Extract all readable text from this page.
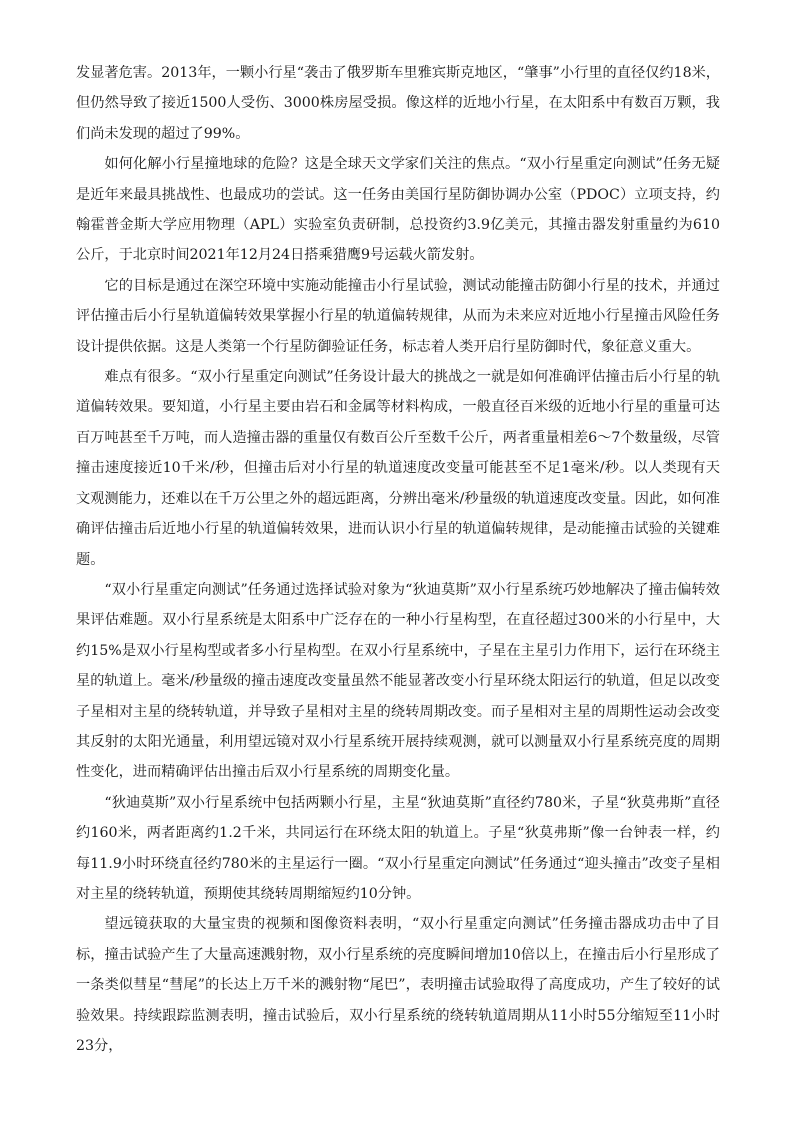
发显著危害。2013年，一颗小行星“袭击了俄罗斯车里雅宾斯克地区，“肇事”小行里的直径仅约18米，但仍然导致了接近1500人受伤、3000株房屋受损。像这样的近地小行星，在太阳系中有数百万颗，我们尚未发现的超过了99%。

如何化解小行星撞地球的危险？这是全球天文学家们关注的焦点。“双小行星重定向测试”任务无疑是近年来最具挑战性、也最成功的尝试。这一任务由美国行星防御协调办公室（PDOC）立项支持，约翰霍普金斯大学应用物理（APL）实验室负责研制，总投资约3.9亿美元，其撞击器发射重量约为610公斤，于北京时间2021年12月24日搭乘猎鹰9号运载火箭发射。

它的目标是通过在深空环境中实施动能撞击小行星试验，测试动能撞击防御小行星的技术，并通过评估撞击后小行星轨道偏转效果掌握小行星的轨道偏转规律，从而为未来应对近地小行星撞击风险任务设计提供依据。这是人类第一个行星防御验证任务，标志着人类开启行星防御时代，象征意义重大。

难点有很多。“双小行星重定向测试”任务设计最大的挑战之一就是如何准确评估撞击后小行星的轨道偏转效果。要知道，小行星主要由岩石和金属等材料构成，一般直径百米级的近地小行星的重量可达百万吨甚至千万吨，而人造撞击器的重量仅有数百公斤至数千公斤，两者重量相差6～7个数量级，尽管撞击速度接近10千米/秒，但撞击后对小行星的轨道速度改变量可能甚至不足1毫米/秒。以人类现有天文观测能力，还难以在千万公里之外的超远距离，分辨出毫米/秒量级的轨道速度改变量。因此，如何准确评估撞击后近地小行星的轨道偏转效果，进而认识小行星的轨道偏转规律，是动能撞击试验的关键难题。

“双小行星重定向测试”任务通过选择试验对象为“狄迪莫斯”双小行星系统巧妙地解决了撞击偏转效果评估难题。双小行星系统是太阳系中广泛存在的一种小行星构型，在直径超过300米的小行星中，大约15%是双小行星构型或者多小行星构型。在双小行星系统中，子星在主星引力作用下，运行在环绕主星的轨道上。毫米/秒量级的撞击速度改变量虽然不能显著改变小行星环绕太阳运行的轨道，但足以改变子星相对主星的绕转轨道，并导致子星相对主星的绕转周期改变。而子星相对主星的周期性运动会改变其反射的太阳光通量，利用望远镜对双小行星系统开展持续观测，就可以测量双小行星系统亮度的周期性变化，进而精确评估出撞击后双小行星系统的周期变化量。

“狄迪莫斯”双小行星系统中包括两颗小行星，主星“狄迪莫斯”直径约780米，子星“狄莫弗斯”直径约160米，两者距离约1.2千米，共同运行在环绕太阳的轨道上。子星“狄莫弗斯”像一台钟表一样，约每11.9小时环绕直径约780米的主星运行一圈。“双小行星重定向测试”任务通过“迎头撞击”改变子星相对主星的绕转轨道，预期使其绕转周期缩短约10分钟。

望远镜获取的大量宝贵的视频和图像资料表明，“双小行星重定向测试”任务撞击器成功击中了目标，撞击试验产生了大量高速溅射物，双小行星系统的亮度瞬间增加10倍以上，在撞击后小行星形成了一条类似彗星“彗尾”的长达上万千米的溅射物“尾巴”，表明撞击试验取得了高度成功，产生了较好的试验效果。持续跟踪监测表明，撞击试验后，双小行星系统的绕转轨道周期从11小时55分缩短至11小时23分，
